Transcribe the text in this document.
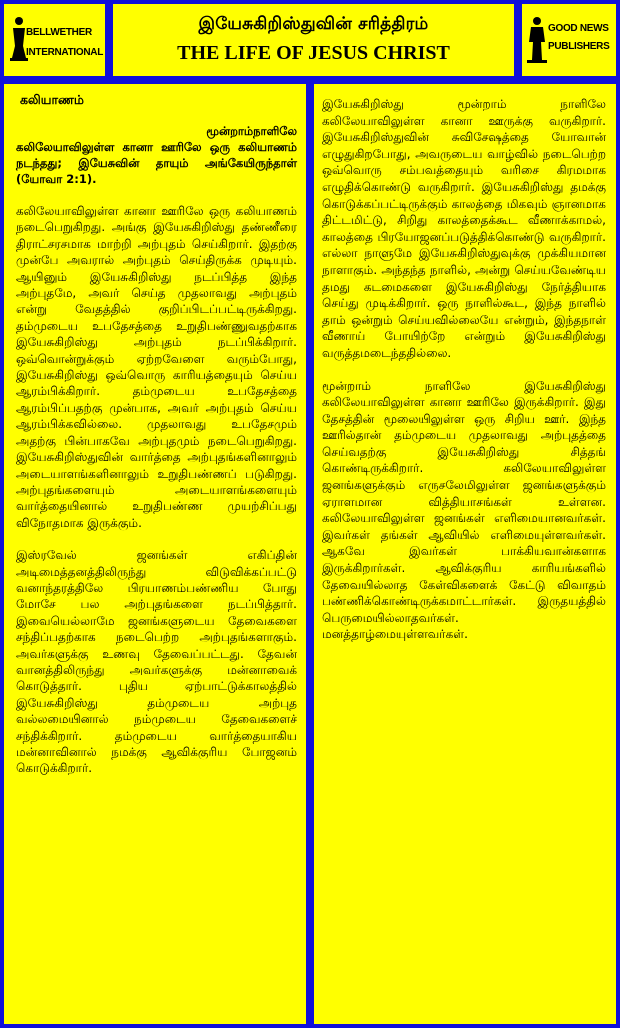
BELLWETHER
INTERNATIONAL
இயேசுகிறிஸ்துவின் சரித்திரம்
THE LIFE OF JESUS CHRIST
GOOD NEWS
PUBLISHERS
கலியாணம்
மூன்றாம்நாளிலே
கலிலேயாவிலுள்ள கானா ஊரிலே ஒரு கலியாணம் நடந்தது; இயேசுவின் தாயும் அங்கேயிருந்தாள் (யோவா 2:1).

கலிலேயாவிலுள்ள கானா ஊரிலே ஒரு கலியாணம் நடைபெறுகிறது. அங்கு இயேசுகிறிஸ்து தண்ணீரை திராட்சரசமாக மாற்றி அற்புதம் செய்கிறார். இதற்கு முன்பே அவரால் அற்புதம் செய்திருக்க முடியும். ஆயினும் இயேசுகிறிஸ்து நடப்பித்த இந்த அற்புதமே, அவர் செய்த முதலாவது அற்புதம் என்று வேதத்தில் குறிப்பிடப்பட்டிருக்கிறது. தம்முடைய உபதேசத்தை உறுதிபண்ணுவதற்காக இயேசுகிறிஸ்து அற்புதம் நடப்பிக்கிறார். ஒவ்வொன்றுக்கும் ஏற்றவேளை வரும்போது, இயேசுகிறிஸ்து ஒவ்வொரு காரியத்தையும் செய்ய ஆரம்பிக்கிறார். தம்முடைய உபதேசத்தை ஆரம்பிப்பதற்கு முன்பாக, அவர் அற்புதம் செய்ய ஆரம்பிக்கவில்லை. முதலாவது உபதேசமும் அதற்கு பின்பாகவே அற்புதமும் நடைபெறுகிறது. இயேசுகிறிஸ்துவின் வார்த்தை அற்புதங்களினாலும் அடையாளங்களினாலும் உறுதிபண்ணப் படுகிறது. அற்புதங்களையும் அடையாளங்களையும் வார்த்தையினால் உறுதிபண்ண முயற்சிப்பது விநோதமாக இருக்கும்.

இஸ்ரவேல் ஜனங்கள் எகிப்தின் அடிமைத்தனத்திலிருந்து விடுவிக்கப்பட்டு வனாந்தரத்திலே பிரயாணம்பண்ணிய போது மோசே பல அற்புதங்களை நடப்பித்தார். இவையெல்லாமே ஜனங்களுடைய தேவைகளை சந்திப்பதற்காக நடைபெற்ற அற்புதங்களாகும். அவர்களுக்கு உணவு தேவைப்பட்டது. தேவன் வானத்திலிருந்து அவர்களுக்கு மன்னாவைக் கொடுத்தார். புதிய ஏற்பாட்டுக்காலத்தில் இயேசுகிறிஸ்து தம்முடைய அற்புத வல்லமையினால் நம்முடைய தேவைகளைச் சந்திக்கிறார். தம்முடைய வார்த்தையாகிய மன்னாவினால் நமக்கு ஆவிக்குரிய போஜனம் கொடுக்கிறார்.

இயேசுகிறிஸ்து மூன்றாம் நாளிலே கலிலேயாவிலுள்ள கானா ஊருக்கு வருகிறார். இயேசுகிறிஸ்துவின் சுவிசேஷத்தை யோவான் எழுதுகிறபோது, அவருடைய வாழ்வில் நடைபெற்ற ஒவ்வொரு சம்பவத்தையும் வரிசை கிரமமாக எழுதிக்கொண்டு வருகிறார். இயேசுகிறிஸ்து தமக்கு கொடுக்கப்பட்டிருக்கும் காலத்தை மிகவும் ஞானமாக திட்டமிட்டு, சிறிது காலத்தைக்கூட வீணாக்காமல், காலத்தை பிரயோஜனப்படுத்திக்கொண்டு வருகிறார். எல்லா நாளுமே இயேசுகிறிஸ்துவுக்கு முக்கியமான நாளாகும். அந்தந்த நாளில், அன்று செய்யவேண்டிய தமது கடமைகளை இயேசுகிறிஸ்து நேர்த்தியாக செய்து முடிக்கிறார். ஒரு நாளில்கூட, இந்த நாளில் தாம் ஒன்றும் செய்யவில்லையே என்றும், இந்தநாள் வீணாய் போயிற்றே என்றும் இயேசுகிறிஸ்து வருத்தமடைந்ததில்லை.

மூன்றாம் நாளிலே இயேசுகிறிஸ்து கலிலேயாவிலுள்ள கானா ஊரிலே இருக்கிறார். இது தேசத்தின் மூலையிலுள்ள ஒரு சிறிய ஊர். இந்த ஊரில்தான் தம்முடைய முதலாவது அற்புதத்தை செய்வதற்கு இயேசுகிறிஸ்து சித்தங் கொண்டிருக்கிறார். கலிலேயாவிலுள்ள ஜனங்களுக்கும் எருசலேமிலுள்ள ஜனங்களுக்கும் ஏராளமான வித்தியாசங்கள் உள்ளன. கலிலேயாவிலுள்ள ஜனங்கள் எளிமையானவர்கள். இவர்கள் தங்கள் ஆவியில் எளிமையுள்ளவர்கள். ஆகவே இவர்கள் பாக்கியவான்களாக இருக்கிறார்கள். ஆவிக்குரிய காரியங்களில் தேவையில்லாத கேள்விகளைக் கேட்டு விவாதம் பண்ணிக்கொண்டிருக்கமாட்டார்கள். இருதயத்தில் பெருமையில்லாதவர்கள். மனத்தாழ்மையுள்ளவர்கள்.
